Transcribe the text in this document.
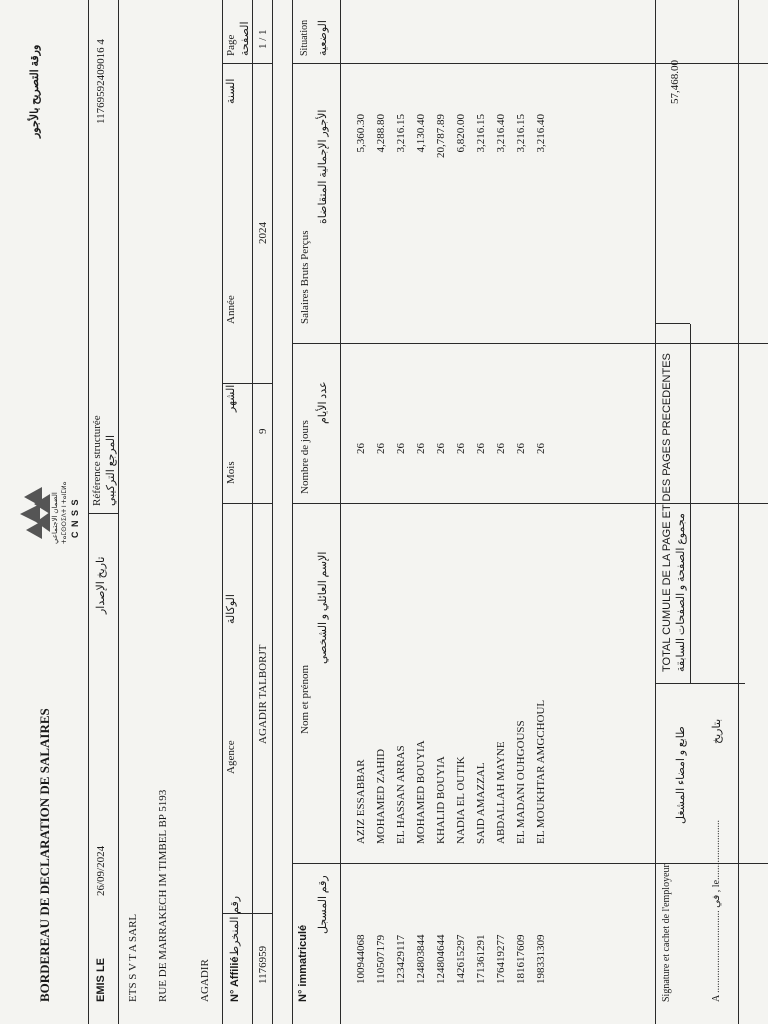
BORDEREAU DE DECLARATION DE SALAIRES
ورقة التصريح بالأجور
الضمان الاجتماعي ⵜⴰⵎⵙⵔⵉⴷⵜ ⵏ ⵜⴰⵏⵎⵍⴰ C N S S
EMIS LE
26/09/2024
تاريخ الإصدار
Référence structurée المرجع التركيبي
11769592409016 4
ETS S V T A SARL RUE DE MARRAKECH IM TIMBEL BP 5193	AGADIR N° Affilié
رقم المنخرط
Agence
الوكالة
Mois
الشهر
Année
السنة
Page الصفحة
1176959
AGADIR TALBORJT
9
2024
1 / 1
N° immatriculé
رقم المسجل
Nom et prénom
الإسم العائلي و الشخصي
Nombre de jours
عدد الأيام
Salaires Bruts Perçus
الأجور الإجمالية المتقاضاة
Situation الوضعية
100944068
AZIZ ESSABBAR
26
5,360.30
110507179
MOHAMED ZAHID
26
4,288.80
123429117
EL HASSAN ARRAS
26
3,216.15
124803844
MOHAMED BOUYIA
26
4,130.40
124804644
KHALID BOUYIA
26
20,787.89
142615297
NADIA EL OUTIK
26
6,820.00
171361291
SAID AMAZZAL
26
3,216.15
176419277
ABDALLAH MAYNE
26
3,216.40
181617609
EL MADANI OUHGOUSS
26
3,216.15
198331309
EL MOUKHTAR AMGCHOUL
26
3,216.40
Signature et cachet de l'employeur
طابع و امضاء المشغل
TOTAL CUMULE DE LA PAGE ET DES PAGES PRECEDENTES مجموع الصفحة و الصفحات السابقة
57,468.00
A ................................. في , le........................
بتاريخ
